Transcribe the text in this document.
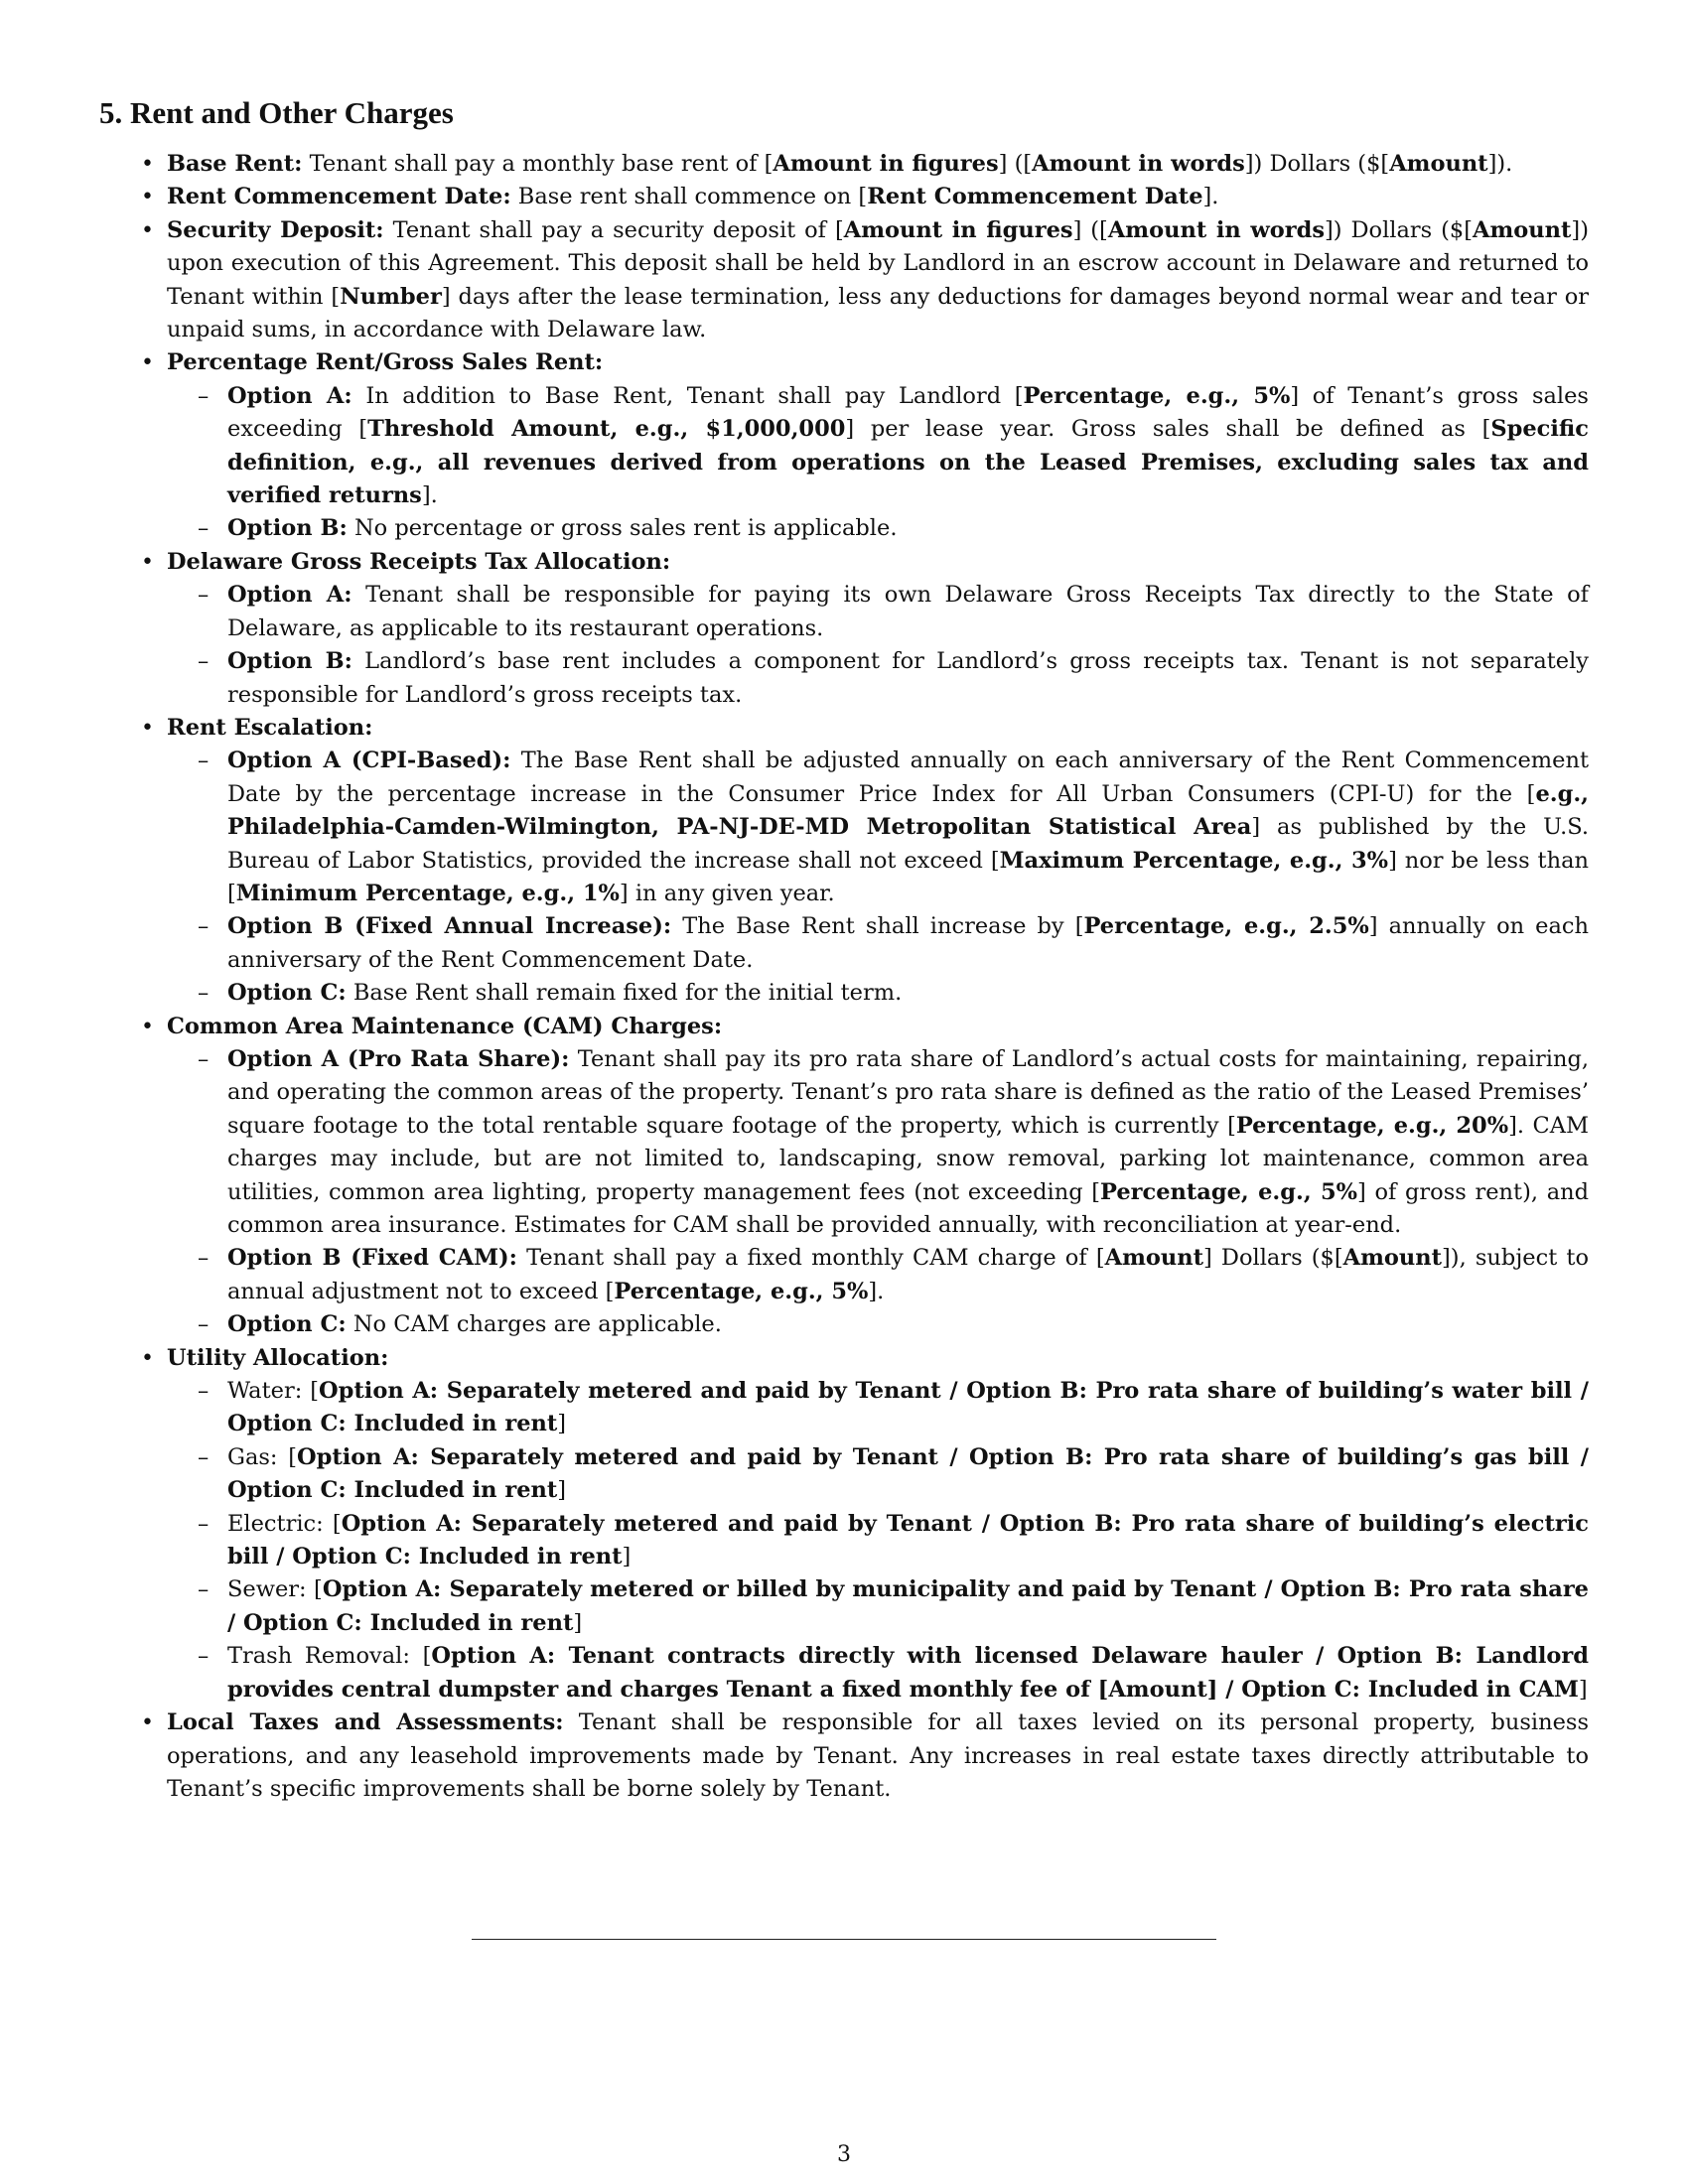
5. Rent and Other Charges
• Base Rent: Tenant shall pay a monthly base rent of [Amount in figures] ([Amount in words]) Dollars ($[Amount]).
• Rent Commencement Date: Base rent shall commence on [Rent Commencement Date].
• Security Deposit: Tenant shall pay a security deposit of [Amount in figures] ([Amount in words]) Dollars ($[Amount]) upon execution of this Agreement. This deposit shall be held by Landlord in an escrow account in Delaware and returned to Tenant within [Number] days after the lease termination, less any deductions for damages beyond normal wear and tear or unpaid sums, in accordance with Delaware law.
• Percentage Rent/Gross Sales Rent:
– Option A: In addition to Base Rent, Tenant shall pay Landlord [Percentage, e.g., 5%] of Tenant’s gross sales exceeding [Threshold Amount, e.g., $1,000,000] per lease year. Gross sales shall be defined as [Specific definition, e.g., all revenues derived from operations on the Leased Premises, excluding sales tax and verified returns].
– Option B: No percentage or gross sales rent is applicable.
• Delaware Gross Receipts Tax Allocation:
– Option A: Tenant shall be responsible for paying its own Delaware Gross Receipts Tax directly to the State of Delaware, as applicable to its restaurant operations.
– Option B: Landlord’s base rent includes a component for Landlord’s gross receipts tax. Tenant is not separately responsible for Landlord’s gross receipts tax.
• Rent Escalation:
– Option A (CPI-Based): The Base Rent shall be adjusted annually on each anniversary of the Rent Commencement Date by the percentage increase in the Consumer Price Index for All Urban Consumers (CPI-U) for the [e.g., Philadelphia-Camden-Wilmington, PA-NJ-DE-MD Metropolitan Statistical Area] as published by the U.S. Bureau of Labor Statistics, provided the increase shall not exceed [Maximum Percentage, e.g., 3%] nor be less than [Minimum Percentage, e.g., 1%] in any given year.
– Option B (Fixed Annual Increase): The Base Rent shall increase by [Percentage, e.g., 2.5%] annually on each anniversary of the Rent Commencement Date.
– Option C: Base Rent shall remain fixed for the initial term.
• Common Area Maintenance (CAM) Charges:
– Option A (Pro Rata Share): Tenant shall pay its pro rata share of Landlord’s actual costs for maintaining, repairing, and operating the common areas of the property. Tenant’s pro rata share is defined as the ratio of the Leased Premises’ square footage to the total rentable square footage of the property, which is currently [Percentage, e.g., 20%]. CAM charges may include, but are not limited to, landscaping, snow removal, parking lot maintenance, common area utilities, common area lighting, property management fees (not exceeding [Percentage, e.g., 5%] of gross rent), and common area insurance. Estimates for CAM shall be provided annually, with reconciliation at year-end.
– Option B (Fixed CAM): Tenant shall pay a fixed monthly CAM charge of [Amount] Dollars ($[Amount]), subject to annual adjustment not to exceed [Percentage, e.g., 5%].
– Option C: No CAM charges are applicable.
• Utility Allocation:
– Water: [Option A: Separately metered and paid by Tenant / Option B: Pro rata share of building’s water bill / Option C: Included in rent]
– Gas: [Option A: Separately metered and paid by Tenant / Option B: Pro rata share of building’s gas bill / Option C: Included in rent]
– Electric: [Option A: Separately metered and paid by Tenant / Option B: Pro rata share of building’s electric bill / Option C: Included in rent]
– Sewer: [Option A: Separately metered or billed by municipality and paid by Tenant / Option B: Pro rata share / Option C: Included in rent]
– Trash Removal: [Option A: Tenant contracts directly with licensed Delaware hauler / Option B: Landlord provides central dumpster and charges Tenant a fixed monthly fee of [Amount] / Option C: Included in CAM]
• Local Taxes and Assessments: Tenant shall be responsible for all taxes levied on its personal property, business operations, and any leasehold improvements made by Tenant. Any increases in real estate taxes directly attributable to Tenant’s specific improvements shall be borne solely by Tenant.
3
